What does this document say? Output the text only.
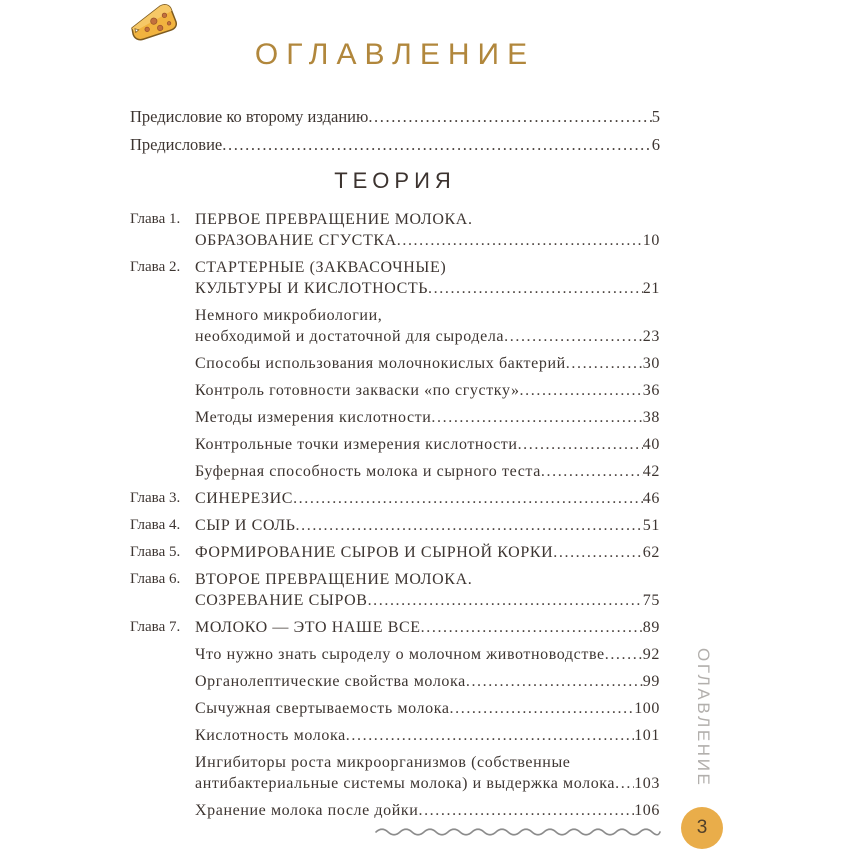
ОГЛАВЛЕНИЕ
Предисловие ко второму изданию .....	5
Предисловие .....	6
ТЕОРИЯ
Глава 1. ПЕРВОЕ ПРЕВРАЩЕНИЕ МОЛОКА.
ОБРАЗОВАНИЕ СГУСТКА .....	10
Глава 2. СТАРТЕРНЫЕ (ЗАКВАСОЧНЫЕ)
КУЛЬТУРЫ И КИСЛОТНОСТЬ .....	21
Немного микробиологии,
необходимой и достаточной для сыродела .....	23
Способы использования молочнокислых бактерий .....	30
Контроль готовности закваски «по сгустку» .....	36
Методы измерения кислотности .....	38
Контрольные точки измерения кислотности .....	40
Буферная способность молока и сырного теста .....	42
Глава 3. СИНЕРЕЗИС .....	46
Глава 4. СЫР И СОЛЬ .....	51
Глава 5. ФОРМИРОВАНИЕ СЫРОВ И СЫРНОЙ КОРКИ .....	62
Глава 6. ВТОРОЕ ПРЕВРАЩЕНИЕ МОЛОКА.
СОЗРЕВАНИЕ СЫРОВ .....	75
Глава 7. МОЛОКО — ЭТО НАШЕ ВСЕ .....	89
Что нужно знать сыроделу о молочном животноводстве ..... 92
Органолептические свойства молока .....	99
Сычужная свертываемость молока .....	100
Кислотность молока .....	101
Ингибиторы роста микроорганизмов (собственные
антибактериальные системы молока) и выдержка молока ..... 103
Хранение молока после дойки .....	106
ОГЛАВЛЕНИЕ
3
